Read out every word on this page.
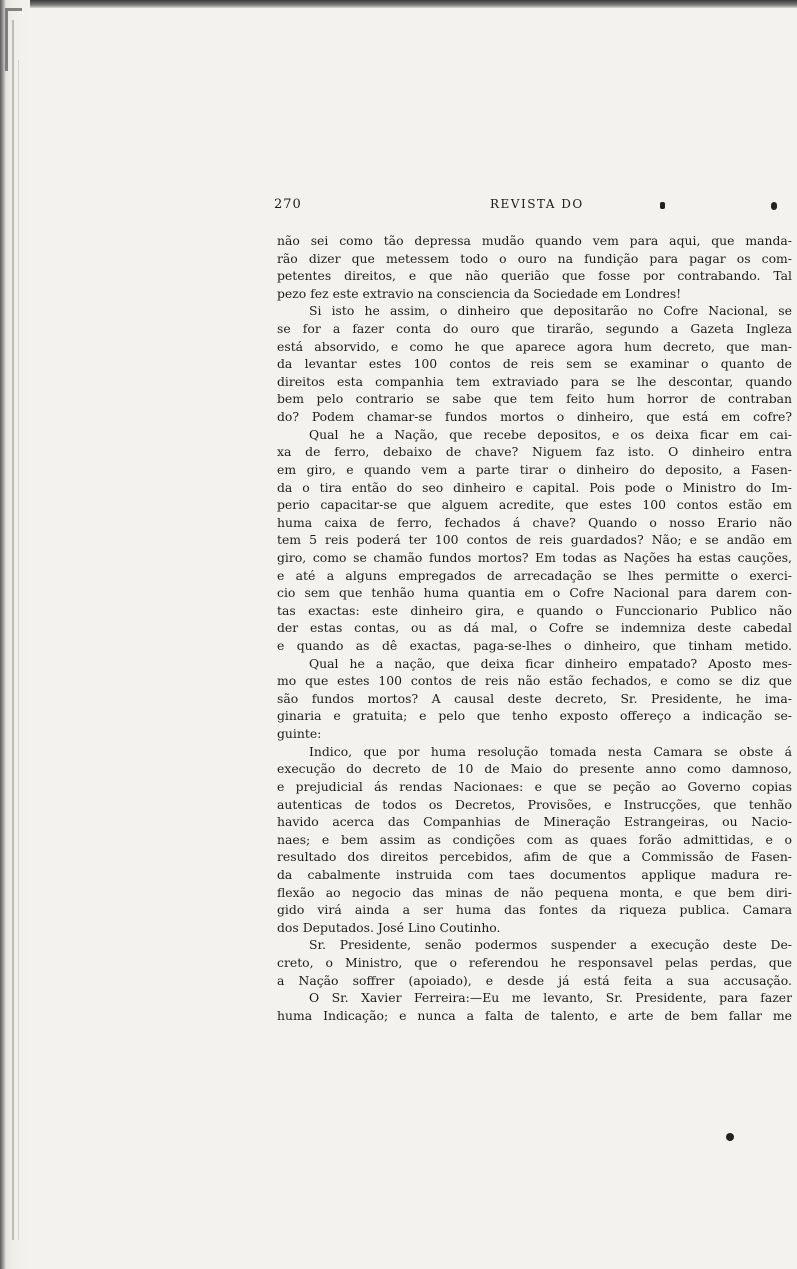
270	REVISTA DO
não sei como tão depressa mudão quando vem para aqui, que manda-
rão dizer que metessem todo o ouro na fundição para pagar os com-
petentes direitos, e que não querião que fosse por contrabando. Tal
pezo fez este extravio na consciencia da Sociedade em Londres!
Si isto he assim, o dinheiro que depositarão no Cofre Nacional, se
se for a fazer conta do ouro que tirarão, segundo a Gazeta Ingleza
está absorvido, e como he que aparece agora hum decreto, que man-
da levantar estes 100 contos de reis sem se examinar o quanto de
direitos esta companhia tem extraviado para se lhe descontar, quando
bem pelo contrario se sabe que tem feito hum horror de contraban
do? Podem chamar-se fundos mortos o dinheiro, que está em cofre?
Qual he a Nação, que recebe depositos, e os deixa ficar em cai-
xa de ferro, debaixo de chave? Niguem faz isto. O dinheiro entra
em giro, e quando vem a parte tirar o dinheiro do deposito, a Fasen-
da o tira então do seo dinheiro e capital. Pois pode o Ministro do Im-
perio capacitar-se que alguem acredite, que estes 100 contos estão em
huma caixa de ferro, fechados á chave? Quando o nosso Erario não
tem 5 reis poderá ter 100 contos de reis guardados? Não; e se andão em
giro, como se chamão fundos mortos? Em todas as Nações ha estas cauções,
e até a alguns empregados de arrecadação se lhes permitte o exerci-
cio sem que tenhão huma quantia em o Cofre Nacional para darem con-
tas exactas: este dinheiro gira, e quando o Funccionario Publico não
der estas contas, ou as dá mal, o Cofre se indemniza deste cabedal
e quando as dê exactas, paga-se-lhes o dinheiro, que tinham metido.
Qual he a nação, que deixa ficar dinheiro empatado? Aposto mes-
mo que estes 100 contos de reis não estão fechados, e como se diz que
são fundos mortos? A causal deste decreto, Sr. Presidente, he ima-
ginaria e gratuita; e pelo que tenho exposto offereço a indicação se-
guinte:
Indico, que por huma resolução tomada nesta Camara se obste á
execução do decreto de 10 de Maio do presente anno como damnoso,
e prejudicial ás rendas Nacionaes: e que se peção ao Governo copias
autenticas de todos os Decretos, Provisões, e Instrucções, que tenhão
havido acerca das Companhias de Mineração Estrangeiras, ou Nacio-
naes; e bem assim as condições com as quaes forão admittidas, e o
resultado dos direitos percebidos, afim de que a Commissão de Fasen-
da cabalmente instruida com taes documentos applique madura re-
flexão ao negocio das minas de não pequena monta, e que bem diri-
gido virá ainda a ser huma das fontes da riqueza publica. Camara
dos Deputados. José Lino Coutinho.
Sr. Presidente, senão podermos suspender a execução deste De-
creto, o Ministro, que o referendou he responsavel pelas perdas, que
a Nação soffrer (apoiado), e desde já está feita a sua accusação.
O Sr. Xavier Ferreira:—Eu me levanto, Sr. Presidente, para fazer
huma Indicação; e nunca a falta de talento, e arte de bem fallar me
